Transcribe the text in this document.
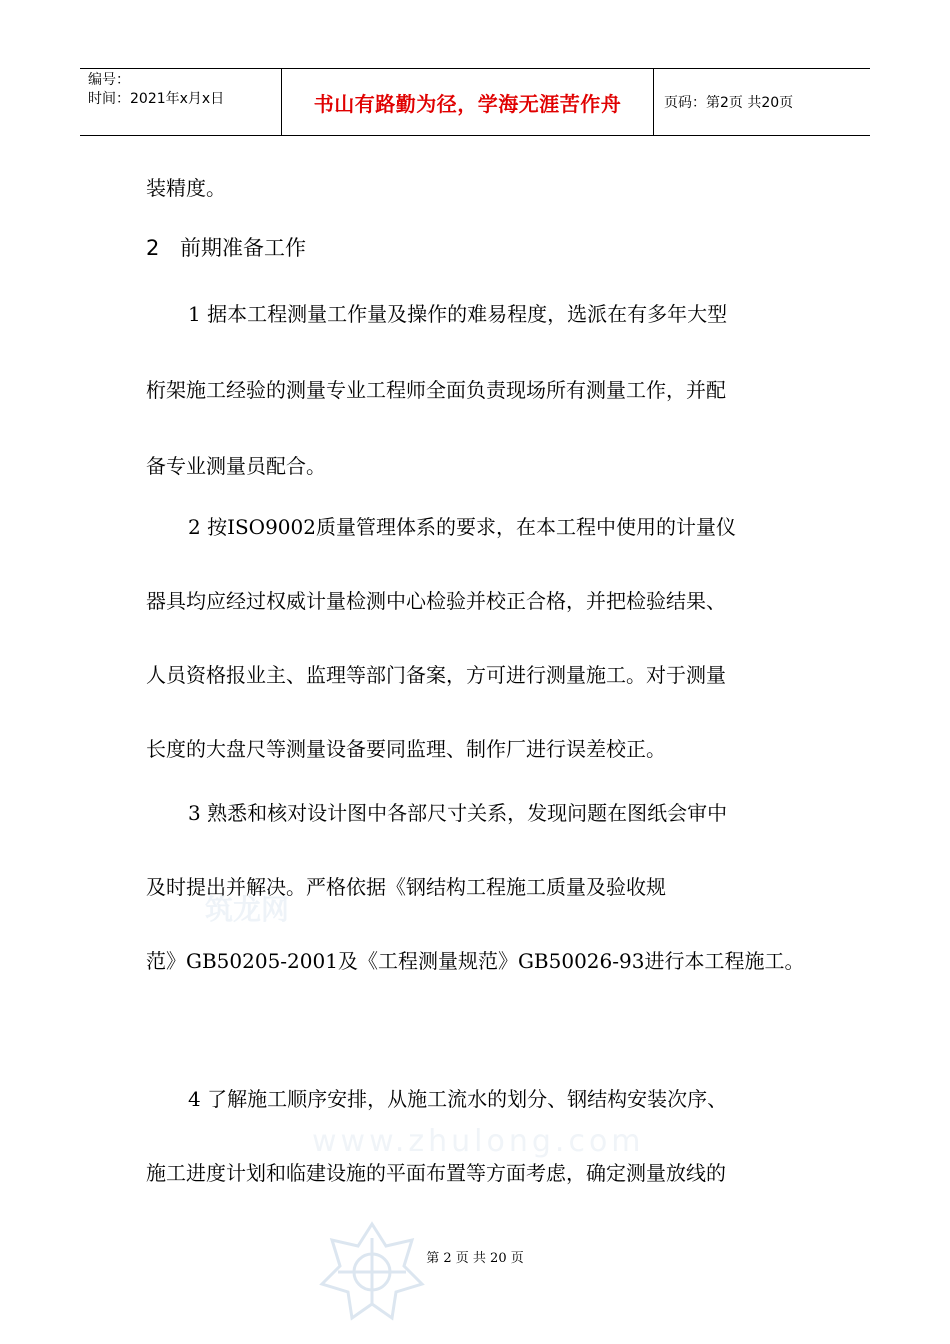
编号：
时间：2021年x月x日	书山有路勤为径，学海无涯苦作舟	页码：第2页 共20页
筑龙网
www.zhulong.com
装精度。
2 前期准备工作
1 据本工程测量工作量及操作的难易程度，选派在有多年大型
桁架施工经验的测量专业工程师全面负责现场所有测量工作，并配
备专业测量员配合。
2 按ISO9002质量管理体系的要求，在本工程中使用的计量仪
器具均应经过权威计量检测中心检验并校正合格，并把检验结果、
人员资格报业主、监理等部门备案，方可进行测量施工。对于测量
长度的大盘尺等测量设备要同监理、制作厂进行误差校正。
3 熟悉和核对设计图中各部尺寸关系，发现问题在图纸会审中
及时提出并解决。严格依据《钢结构工程施工质量及验收规
范》GB50205-2001及《工程测量规范》GB50026-93进行本工程施工。
4 了解施工顺序安排，从施工流水的划分、钢结构安装次序、
施工进度计划和临建设施的平面布置等方面考虑，确定测量放线的
第 2 页 共 20 页
